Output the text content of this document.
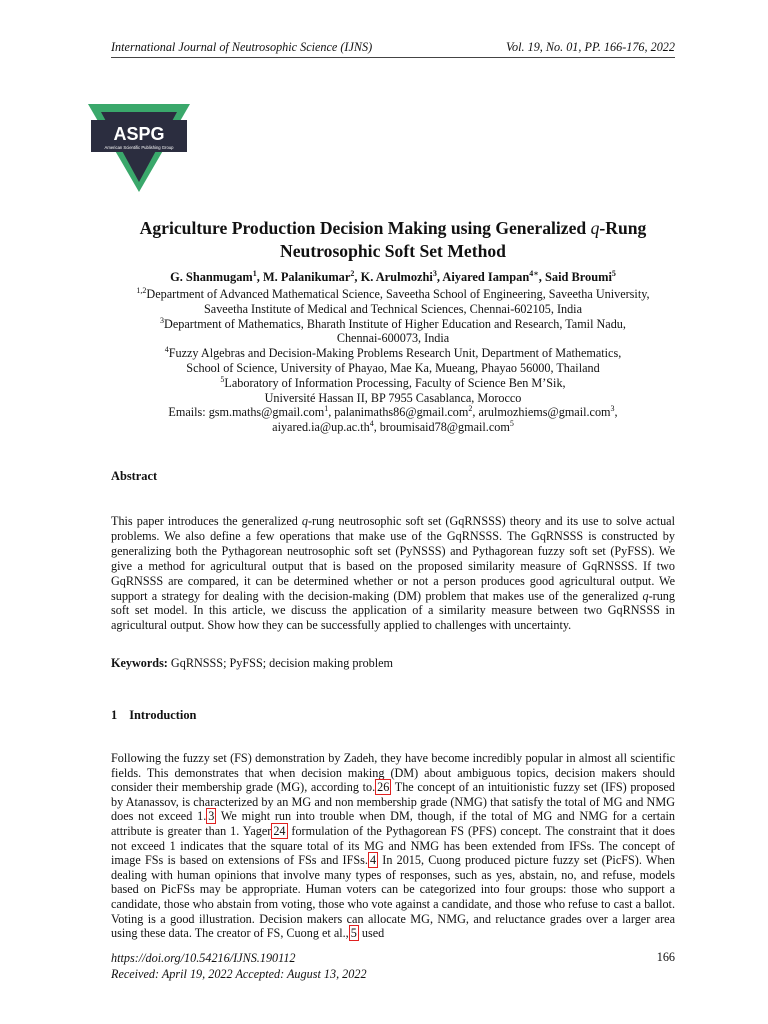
International Journal of Neutrosophic Science (IJNS)	Vol. 19, No. 01, PP. 166-176, 2022
ASPG
American Scientific Publishing Group
Agriculture Production Decision Making using Generalized q-Rung
Neutrosophic Soft Set Method
G. Shanmugam$^1$, M. Palanikumar$^2$, K. Arulmozhi$^3$, Aiyared Iampan$^{4∗}$, Said Broumi$^5$
$^{1,2}$Department of Advanced Mathematical Science, Saveetha School of Engineering, Saveetha University,
Saveetha Institute of Medical and Technical Sciences, Chennai-602105, India
$^3$Department of Mathematics, Bharath Institute of Higher Education and Research, Tamil Nadu,
Chennai-600073, India
$^4$Fuzzy Algebras and Decision-Making Problems Research Unit, Department of Mathematics,
School of Science, University of Phayao, Mae Ka, Mueang, Phayao 56000, Thailand
$^5$Laboratory of Information Processing, Faculty of Science Ben M’Sik,
Université Hassan II, BP 7955 Casablanca, Morocco
Emails: gsm.maths@gmail.com$^1$, palanimaths86@gmail.com$^2$, arulmozhiems@gmail.com$^3$,
$aiyared.ia@up.ac.th^4$, broumisaid78@gmail.com$^5$
Abstract
This paper introduces the generalized q-rung neutrosophic soft set (GqRNSSS) theory and its use to solve actual problems. We also define a few operations that make use of the GqRNSSS. The GqRNSSS is constructed by generalizing both the Pythagorean neutrosophic soft set (PyNSSS) and Pythagorean fuzzy soft set (PyFSS). We give a method for agricultural output that is based on the proposed similarity measure of GqRNSSS. If two GqRNSSS are compared, it can be determined whether or not a person produces good agricultural output. We support a strategy for dealing with the decision-making (DM) problem that makes use of the generalized q-rung soft set model. In this article, we discuss the application of a similarity measure between two GqRNSSS in agricultural output. Show how they can be successfully applied to challenges with uncertainty.
Keywords: GqRNSSS; PyFSS; decision making problem
1 Introduction
Following the fuzzy set (FS) demonstration by Zadeh, they have become incredibly popular in almost all scientific fields. This demonstrates that when decision making (DM) about ambiguous topics, decision makers should consider their membership grade (MG), according to. 26 The concept of an intuitionistic fuzzy set (IFS) proposed by Atanassov, is characterized by an MG and non membership grade (NMG) that satisfy the total of MG and NMG does not exceed 1. 3 We might run into trouble when DM, though, if the total of MG and NMG for a certain attribute is greater than 1. Yager 24 formulation of the Pythagorean FS (PFS) concept. The constraint that it does not exceed 1 indicates that the square total of its MG and NMG has been extended from IFSs. The concept of image FSs is based on extensions of FSs and IFSs. 4 In 2015, Cuong produced picture fuzzy set (PicFS). When dealing with human opinions that involve many types of responses, such as yes, abstain, no, and refuse, models based on PicFSs may be appropriate. Human voters can be categorized into four groups: those who support a candidate, those who abstain from voting, those who vote against a candidate, and those who refuse to cast a ballot. Voting is a good illustration. Decision makers can allocate MG, NMG, and reluctance grades over a larger area using these data. The creator of FS, Cuong et al., 5 used
https://doi.org/10.54216/IJNS.190112
Received: April 19, 2022 Accepted: August 13, 2022
166
